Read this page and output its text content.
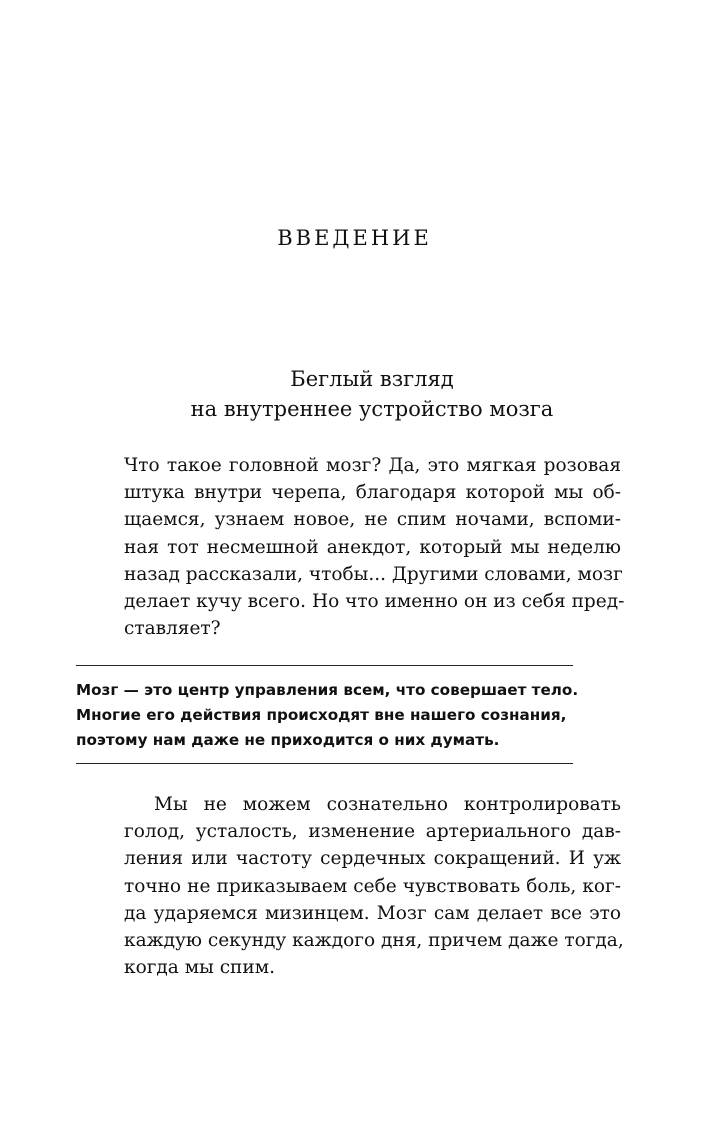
ВВЕДЕНИЕ
Беглый взгляд
на внутреннее устройство мозга

Что такое головной мозг? Да, это мягкая розовая
штука внутри черепа, благодаря которой мы об-
щаемся, узнаем новое, не спим ночами, вспоми-
ная тот несмешной анекдот, который мы неделю
назад рассказали, чтобы... Другими словами, мозг
делает кучу всего. Но что именно он из себя пред-
ставляет?

Мозг — это центр управления всем, что совершает тело.
Многие его действия происходят вне нашего сознания,
поэтому нам даже не приходится о них думать.

Мы не можем сознательно контролировать
голод, усталость, изменение артериального дав-
ления или частоту сердечных сокращений. И уж
точно не приказываем себе чувствовать боль, ког-
да ударяемся мизинцем. Мозг сам делает все это
каждую секунду каждого дня, причем даже тогда,
когда мы спим.
